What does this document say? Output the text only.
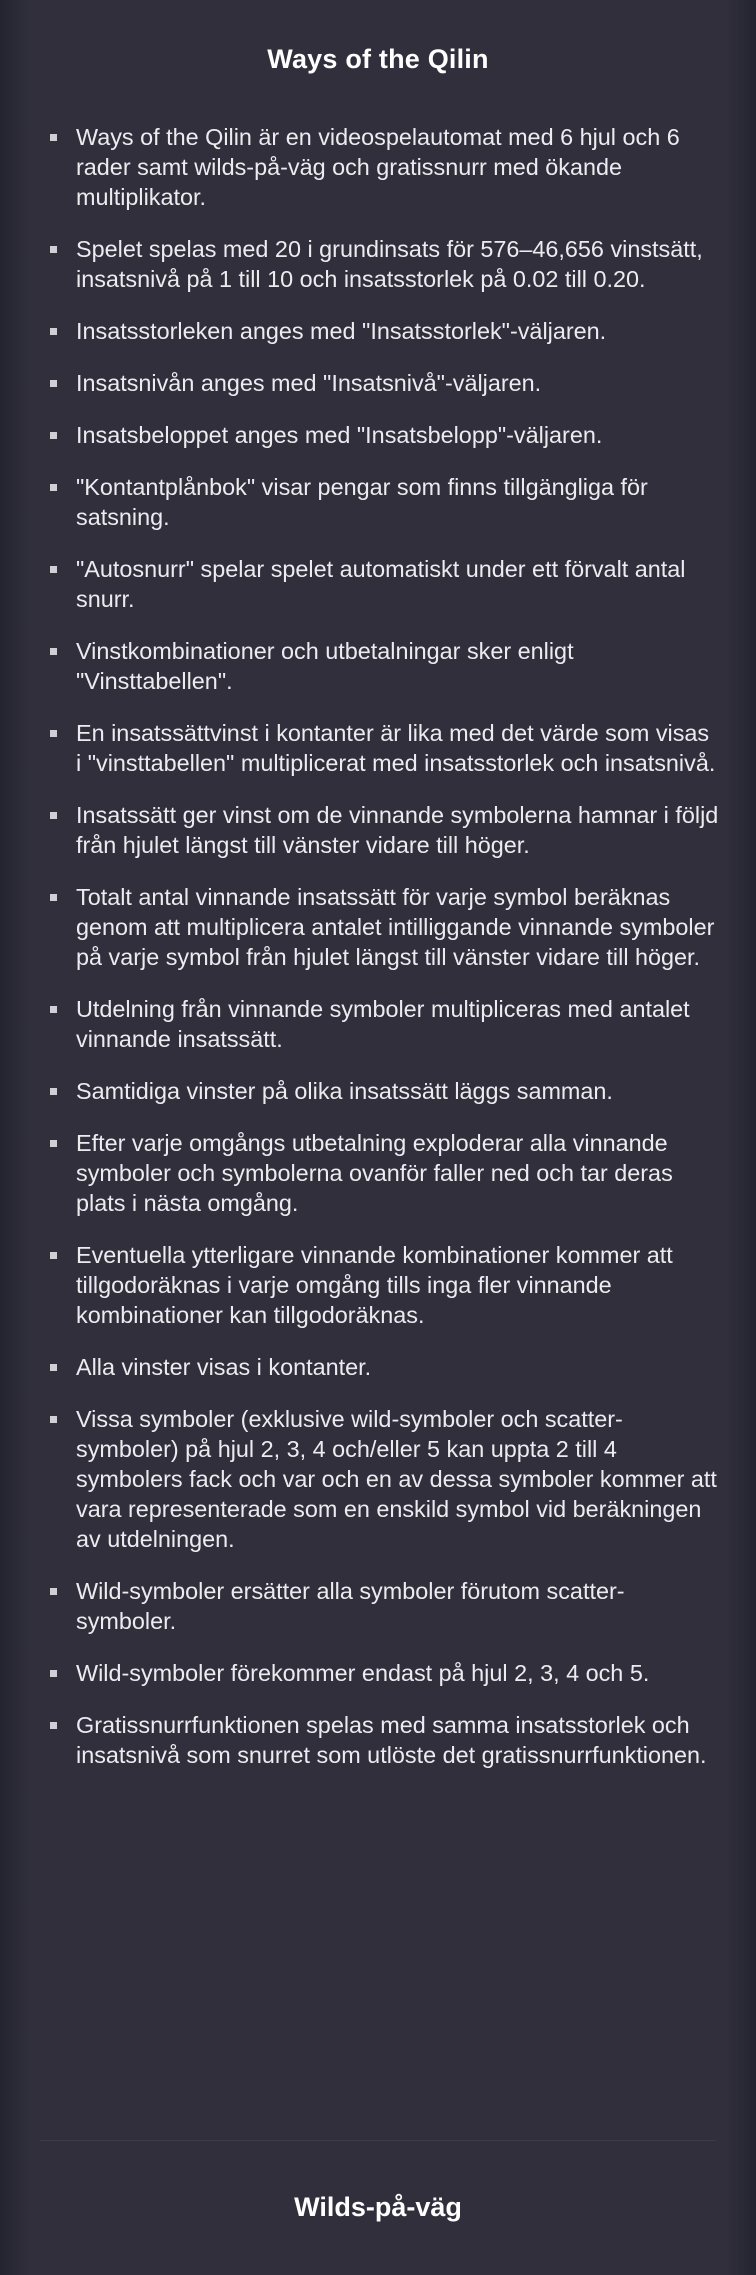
Ways of the Qilin
Ways of the Qilin är en videospelautomat med 6 hjul och 6 rader samt wilds-på-väg och gratissnurr med ökande multiplikator.
Spelet spelas med 20 i grundinsats för 576–46,656 vinstsätt, insatsnivå på 1 till 10 och insatsstorlek på 0.02 till 0.20.
Insatsstorleken anges med "Insatsstorlek"-väljaren.
Insatsnivån anges med "Insatsnivå"-väljaren.
Insatsbeloppet anges med "Insatsbelopp"-väljaren.
"Kontantplånbok" visar pengar som finns tillgängliga för satsning.
"Autosnurr" spelar spelet automatiskt under ett förvalt antal snurr.
Vinstkombinationer och utbetalningar sker enligt "Vinsttabellen".
En insatssättvinst i kontanter är lika med det värde som visas i "vinsttabellen" multiplicerat med insatsstorlek och insatsnivå.
Insatssätt ger vinst om de vinnande symbolerna hamnar i följd från hjulet längst till vänster vidare till höger.
Totalt antal vinnande insatssätt för varje symbol beräknas genom att multiplicera antalet intilliggande vinnande symboler på varje symbol från hjulet längst till vänster vidare till höger.
Utdelning från vinnande symboler multipliceras med antalet vinnande insatssätt.
Samtidiga vinster på olika insatssätt läggs samman.
Efter varje omgångs utbetalning exploderar alla vinnande symboler och symbolerna ovanför faller ned och tar deras plats i nästa omgång.
Eventuella ytterligare vinnande kombinationer kommer att tillgodoräknas i varje omgång tills inga fler vinnande kombinationer kan tillgodoräknas.
Alla vinster visas i kontanter.
Vissa symboler (exklusive wild-symboler och scatter-symboler) på hjul 2, 3, 4 och/eller 5 kan uppta 2 till 4 symbolers fack och var och en av dessa symboler kommer att vara representerade som en enskild symbol vid beräkningen av utdelningen.
Wild-symboler ersätter alla symboler förutom scatter-symboler.
Wild-symboler förekommer endast på hjul 2, 3, 4 och 5.
Gratissnurrfunktionen spelas med samma insatsstorlek och insatsnivå som snurret som utlöste det gratissnurrfunktionen.
Wilds-på-väg
